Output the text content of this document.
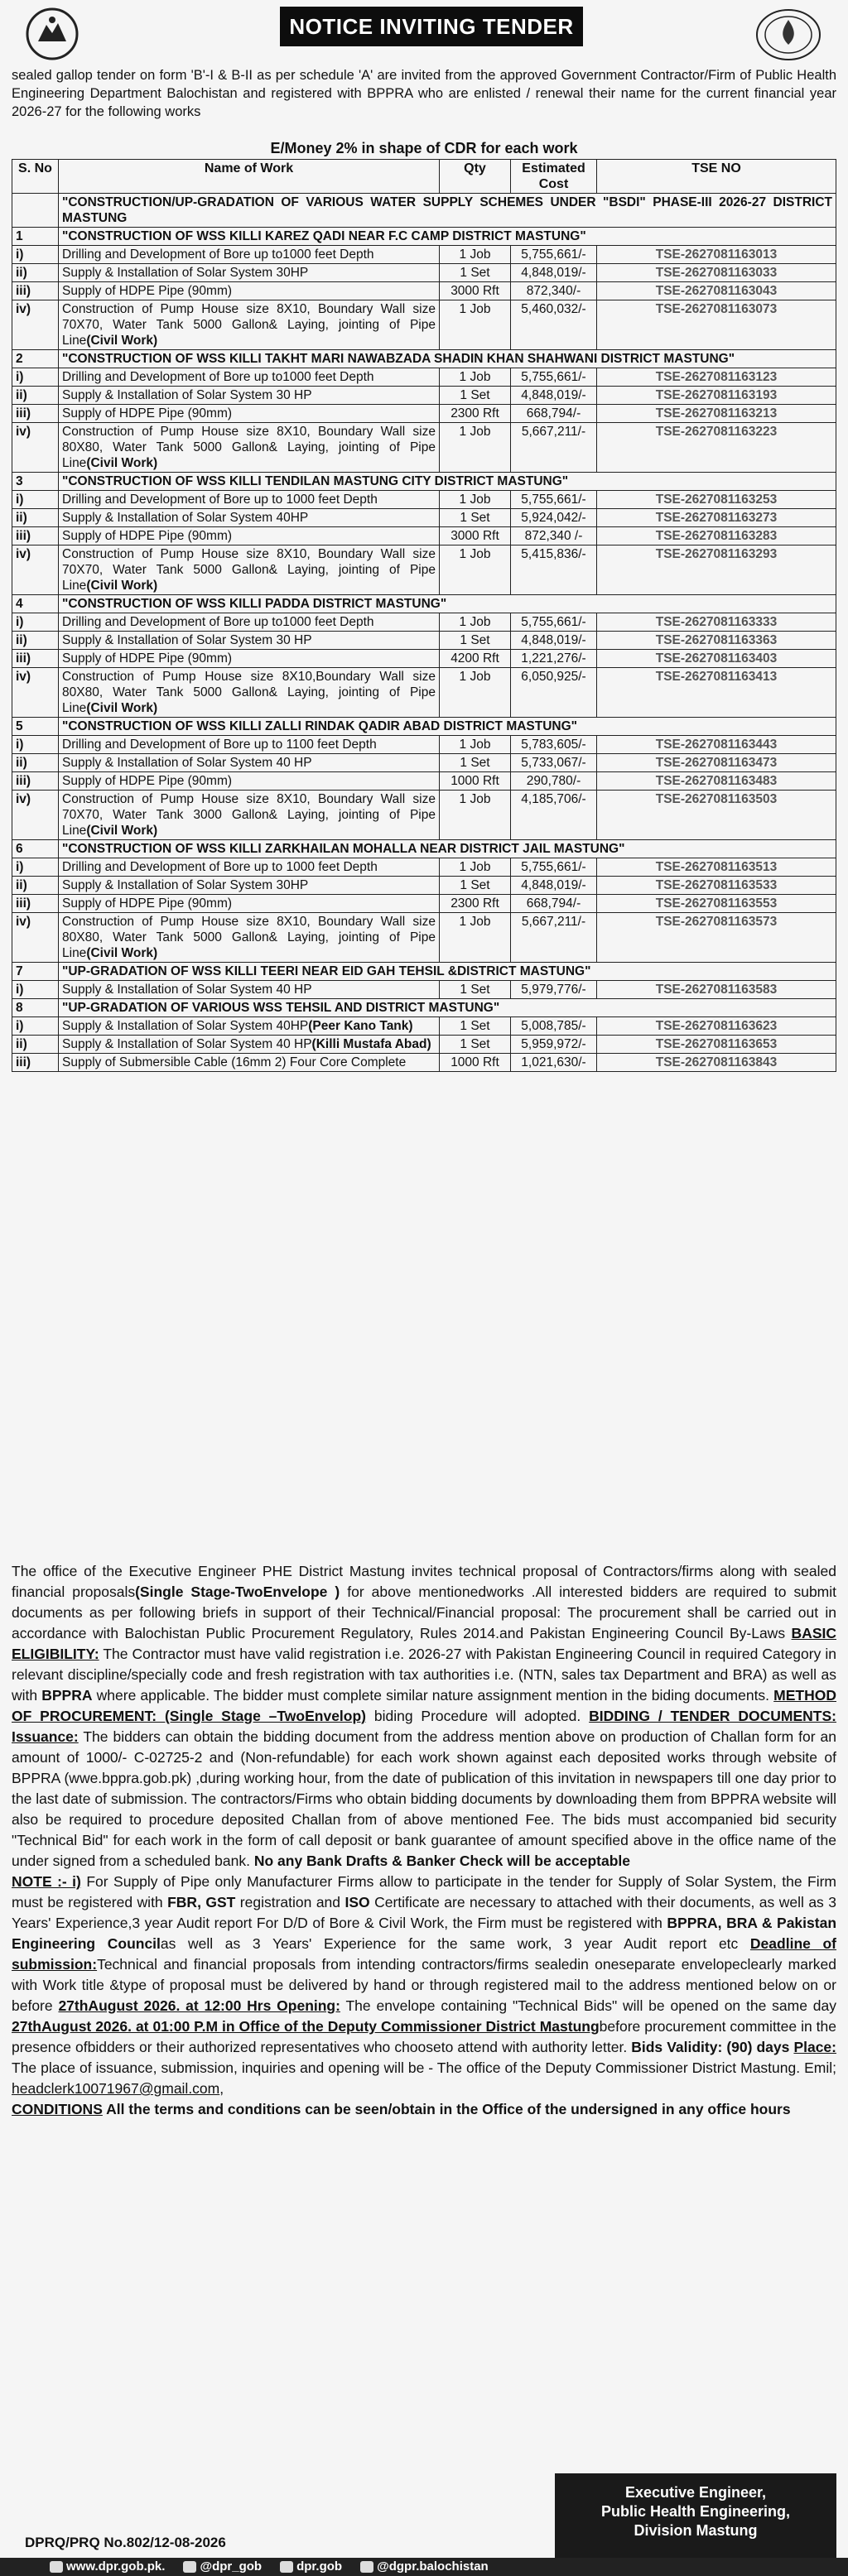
NOTICE INVITING TENDER
sealed gallop tender on form 'B'-I & B-II as per schedule 'A' are invited from the approved Government Contractor/Firm of Public Health Engineering Department Balochistan and registered with BPPRA who are enlisted / renewal their name for the current financial year 2026-27 for the following works
E/Money 2% in shape of CDR for each work
S. No	Name of Work	Qty	Estimated Cost	TSE NO
	"CONSTRUCTION/UP-GRADATION OF VARIOUS WATER SUPPLY SCHEMES UNDER "BSDI" PHASE-III 2026-27 DISTRICT MASTUNG			
1	"CONSTRUCTION OF WSS KILLI KAREZ QADI NEAR F.C CAMP DISTRICT MASTUNG"			
i)	Drilling and Development of Bore up to1000 feet Depth	1 Job	5,755,661/-	TSE-2627081163013
ii)	Supply & Installation of Solar System 30HP	1 Set	4,848,019/-	TSE-2627081163033
iii)	Supply of HDPE Pipe (90mm)	3000 Rft	872,340/-	TSE-2627081163043
iv)	Construction of Pump House size 8X10, Boundary Wall size 70X70, Water Tank 5000 Gallon& Laying, jointing of Pipe Line(Civil Work)	1 Job	5,460,032/-	TSE-2627081163073
2	"CONSTRUCTION OF WSS KILLI TAKHT MARI NAWABZADA SHADIN KHAN SHAHWANI DISTRICT MASTUNG"			
i)	Drilling and Development of Bore up to1000 feet Depth	1 Job	5,755,661/-	TSE-2627081163123
ii)	Supply & Installation of Solar System 30 HP	1 Set	4,848,019/-	TSE-2627081163193
iii)	Supply of HDPE Pipe (90mm)	2300 Rft	668,794/-	TSE-2627081163213
iv)	Construction of Pump House size 8X10, Boundary Wall size 80X80, Water Tank 5000 Gallon& Laying, jointing of Pipe Line(Civil Work)	1 Job	5,667,211/-	TSE-2627081163223
3	"CONSTRUCTION OF WSS KILLI TENDILAN MASTUNG CITY DISTRICT MASTUNG"			
i)	Drilling and Development of Bore up to 1000 feet Depth	1 Job	5,755,661/-	TSE-2627081163253
ii)	Supply & Installation of Solar System 40HP	1 Set	5,924,042/-	TSE-2627081163273
iii)	Supply of HDPE Pipe (90mm)	3000 Rft	872,340 /-	TSE-2627081163283
iv)	Construction of Pump House size 8X10, Boundary Wall size 70X70, Water Tank 5000 Gallon& Laying, jointing of Pipe Line(Civil Work)	1 Job	5,415,836/-	TSE-2627081163293
4	"CONSTRUCTION OF WSS KILLI PADDA DISTRICT MASTUNG"			
i)	Drilling and Development of Bore up to1000 feet Depth	1 Job	5,755,661/-	TSE-2627081163333
ii)	Supply & Installation of Solar System 30 HP	1 Set	4,848,019/-	TSE-2627081163363
iii)	Supply of HDPE Pipe (90mm)	4200 Rft	1,221,276/-	TSE-2627081163403
iv)	Construction of Pump House size 8X10,Boundary Wall size 80X80, Water Tank 5000 Gallon& Laying, jointing of Pipe Line(Civil Work)	1 Job	6,050,925/-	TSE-2627081163413
5	"CONSTRUCTION OF WSS KILLI ZALLI RINDAK QADIR ABAD DISTRICT MASTUNG"			
i)	Drilling and Development of Bore up to 1100 feet Depth	1 Job	5,783,605/-	TSE-2627081163443
ii)	Supply & Installation of Solar System 40 HP	1 Set	5,733,067/-	TSE-2627081163473
iii)	Supply of HDPE Pipe (90mm)	1000 Rft	290,780/-	TSE-2627081163483
iv)	Construction of Pump House size 8X10, Boundary Wall size 70X70, Water Tank 3000 Gallon& Laying, jointing of Pipe Line(Civil Work)	1 Job	4,185,706/-	TSE-2627081163503
6	"CONSTRUCTION OF WSS KILLI ZARKHAILAN MOHALLA NEAR DISTRICT JAIL MASTUNG"			
i)	Drilling and Development of Bore up to 1000 feet Depth	1 Job	5,755,661/-	TSE-2627081163513
ii)	Supply & Installation of Solar System 30HP	1 Set	4,848,019/-	TSE-2627081163533
iii)	Supply of HDPE Pipe (90mm)	2300 Rft	668,794/-	TSE-2627081163553
iv)	Construction of Pump House size 8X10, Boundary Wall size 80X80, Water Tank 5000 Gallon& Laying, jointing of Pipe Line(Civil Work)	1 Job	5,667,211/-	TSE-2627081163573
7	"UP-GRADATION OF WSS KILLI TEERI NEAR EID GAH TEHSIL &DISTRICT MASTUNG"			
i)	Supply & Installation of Solar System 40 HP	1 Set	5,979,776/-	TSE-2627081163583
8	"UP-GRADATION OF VARIOUS WSS TEHSIL AND DISTRICT MASTUNG"			
i)	Supply & Installation of Solar System 40HP(Peer Kano Tank)	1 Set	5,008,785/-	TSE-2627081163623
ii)	Supply & Installation of Solar System 40 HP(Killi Mustafa Abad)	1 Set	5,959,972/-	TSE-2627081163653
iii)	Supply of Submersible Cable (16mm 2) Four Core Complete	1000 Rft	1,021,630/-	TSE-2627081163843
The office of the Executive Engineer PHE District Mastung invites technical proposal of Contractors/firms along with sealed financial proposals(Single Stage-TwoEnvelope ) for above mentionedworks .All interested bidders are required to submit documents as per following briefs in support of their Technical/Financial proposal: The procurement shall be carried out in accordance with Balochistan Public Procurement Regulatory, Rules 2014.and Pakistan Engineering Council By-Laws BASIC ELIGIBILITY: The Contractor must have valid registration i.e. 2026-27 with Pakistan Engineering Council in required Category in relevant discipline/specially code and fresh registration with tax authorities i.e. (NTN, sales tax Department and BRA) as well as with BPPRA where applicable. The bidder must complete similar nature assignment mention in the biding documents. METHOD OF PROCUREMENT: (Single Stage –TwoEnvelop) biding Procedure will adopted. BIDDING / TENDER DOCUMENTS: Issuance: The bidders can obtain the bidding document from the address mention above on production of Challan form for an amount of 1000/- C-02725-2 and (Non-refundable) for each work shown against each deposited works through website of BPPRA (wwe.bppra.gob.pk) ,during working hour, from the date of publication of this invitation in newspapers till one day prior to the last date of submission. The contractors/Firms who obtain bidding documents by downloading them from BPPRA website will also be required to procedure deposited Challan from of above mentioned Fee. The bids must accompanied bid security "Technical Bid" for each work in the form of call deposit or bank guarantee of amount specified above in the office name of the under signed from a scheduled bank. No any Bank Drafts & Banker Check will be acceptable
NOTE :- i) For Supply of Pipe only Manufacturer Firms allow to participate in the tender for Supply of Solar System, the Firm must be registered with FBR, GST registration and ISO Certificate are necessary to attached with their documents, as well as 3 Years' Experience,3 year Audit report For D/D of Bore & Civil Work, the Firm must be registered with BPPRA, BRA & Pakistan Engineering Councilas well as 3 Years' Experience for the same work, 3 year Audit report etc Deadline of submission:Technical and financial proposals from intending contractors/firms sealedin oneseparate envelopeclearly marked with Work title &type of proposal must be delivered by hand or through registered mail to the address mentioned below on or before 27thAugust 2026. at 12:00 Hrs Opening: The envelope containing "Technical Bids" will be opened on the same day 27thAugust 2026. at 01:00 P.M in Office of the Deputy Commissioner District Mastungbefore procurement committee in the presence ofbidders or their authorized representatives who chooseto attend with authority letter. Bids Validity: (90) days Place: The place of issuance, submission, inquiries and opening will be - The office of the Deputy Commissioner District Mastung. Emil; headclerk10071967@gmail.com,
CONDITIONS All the terms and conditions can be seen/obtain in the Office of the undersigned in any office hours
Executive Engineer,
Public Health Engineering,
Division Mastung
DPRQ/PRQ No.802/12-08-2026
www.dpr.gob.pk.	@dpr_gob	dpr.gob	@dgpr.balochistan
